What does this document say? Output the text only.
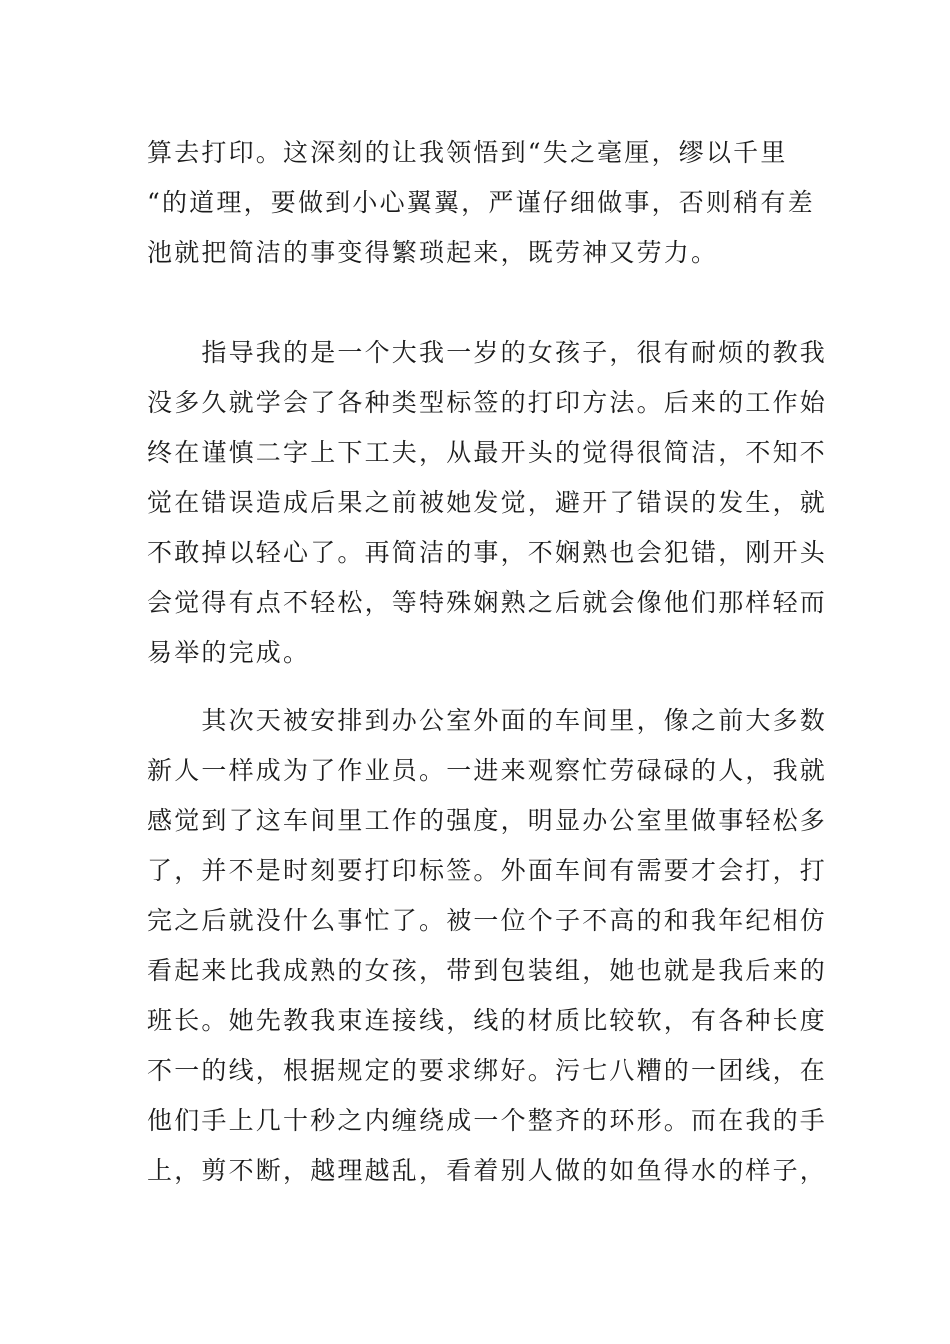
算去打印。这深刻的让我领悟到“失之毫厘，缪以千里
“的道理，要做到小心翼翼，严谨仔细做事，否则稍有差
池就把简洁的事变得繁琐起来，既劳神又劳力。
　　指导我的是一个大我一岁的女孩子，很有耐烦的教我
没多久就学会了各种类型标签的打印方法。后来的工作始
终在谨慎二字上下工夫，从最开头的觉得很简洁，不知不
觉在错误造成后果之前被她发觉，避开了错误的发生，就
不敢掉以轻心了。再简洁的事，不娴熟也会犯错，刚开头
会觉得有点不轻松，等特殊娴熟之后就会像他们那样轻而
易举的完成。
　　其次天被安排到办公室外面的车间里，像之前大多数
新人一样成为了作业员。一进来观察忙劳碌碌的人，我就
感觉到了这车间里工作的强度，明显办公室里做事轻松多
了，并不是时刻要打印标签。外面车间有需要才会打，打
完之后就没什么事忙了。被一位个子不高的和我年纪相仿
看起来比我成熟的女孩，带到包装组，她也就是我后来的
班长。她先教我束连接线，线的材质比较软，有各种长度
不一的线，根据规定的要求绑好。污七八糟的一团线，在
他们手上几十秒之内缠绕成一个整齐的环形。而在我的手
上，剪不断，越理越乱，看着别人做的如鱼得水的样子，
